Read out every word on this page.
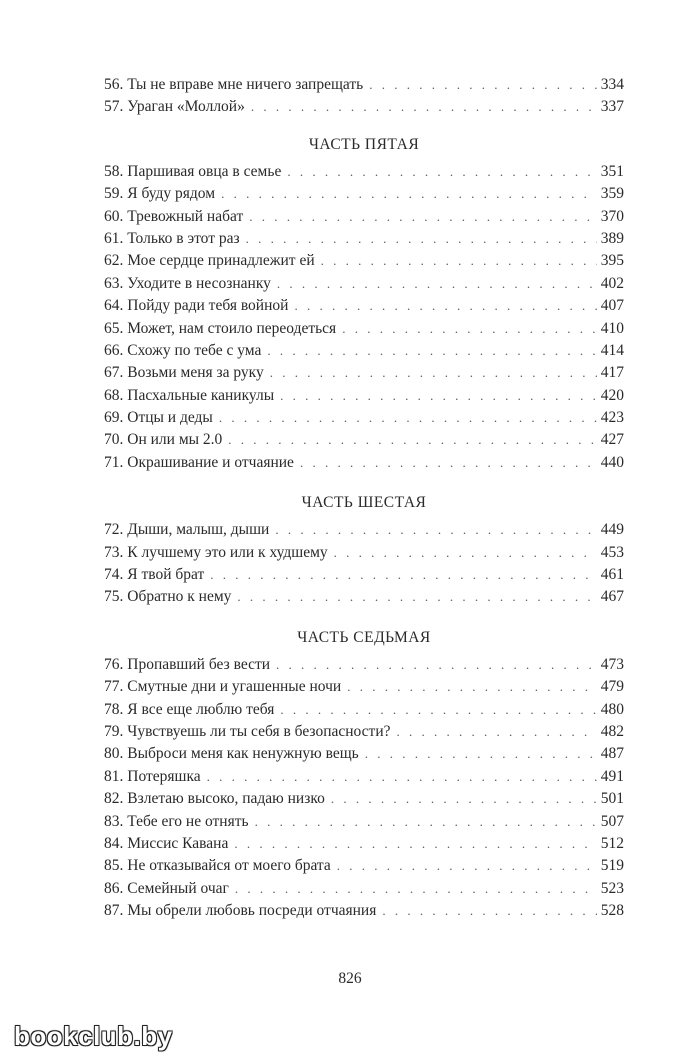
56. Ты не вправе мне ничего запрещать . . .	334
57. Ураган «Моллой» . . .	337
ЧАСТЬ ПЯТАЯ
58. Паршивая овца в семье . . .	351
59. Я буду рядом . . .	359
60. Тревожный набат . . .	370
61. Только в этот раз . . .	389
62. Мое сердце принадлежит ей . . .	395
63. Уходите в несознанку . . .	402
64. Пойду ради тебя войной . . .	407
65. Может, нам стоило переодеться . . .	410
66. Схожу по тебе с ума . . .	414
67. Возьми меня за руку . . .	417
68. Пасхальные каникулы . . .	420
69. Отцы и деды . . .	423
70. Он или мы 2.0 . . .	427
71. Окрашивание и отчаяние . . .	440
ЧАСТЬ ШЕСТАЯ
72. Дыши, малыш, дыши . . .	449
73. К лучшему это или к худшему . . .	453
74. Я твой брат . . .	461
75. Обратно к нему . . .	467
ЧАСТЬ СЕДЬМАЯ
76. Пропавший без вести . . .	473
77. Смутные дни и угашенные ночи . . .	479
78. Я все еще люблю тебя . . .	480
79. Чувствуешь ли ты себя в безопасности? . . .	482
80. Выброси меня как ненужную вещь . . .	487
81. Потеряшка . . .	491
82. Взлетаю высоко, падаю низко . . .	501
83. Тебе его не отнять . . .	507
84. Миссис Кавана . . .	512
85. Не отказывайся от моего брата . . .	519
86. Семейный очаг . . .	523
87. Мы обрели любовь посреди отчаяния . . .	528
826
bookclub.by
